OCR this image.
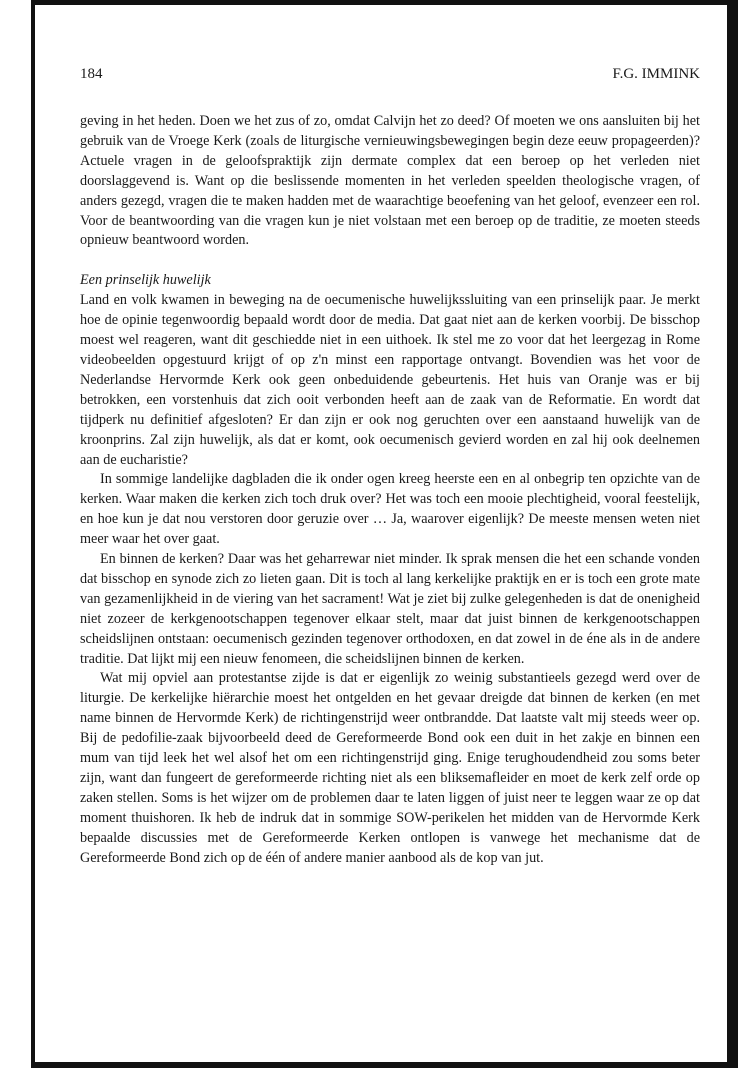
184	F.G. IMMINK

geving in het heden. Doen we het zus of zo, omdat Calvijn het zo deed? Of moeten we ons aansluiten bij het gebruik van de Vroege Kerk (zoals de liturgische vernieuwingsbewegingen begin deze eeuw propageerden)? Actuele vragen in de geloofspraktijk zijn dermate complex dat een beroep op het verleden niet doorslaggevend is. Want op die beslissende momenten in het verleden speelden theologische vragen, of anders gezegd, vragen die te maken hadden met de waarachtige beoefening van het geloof, evenzeer een rol. Voor de beantwoording van die vragen kun je niet volstaan met een beroep op de traditie, ze moeten steeds opnieuw beantwoord worden.

Een prinselijk huwelijk

Land en volk kwamen in beweging na de oecumenische huwelijkssluiting van een prinselijk paar. Je merkt hoe de opinie tegenwoordig bepaald wordt door de media. Dat gaat niet aan de kerken voorbij. De bisschop moest wel reageren, want dit geschiedde niet in een uithoek. Ik stel me zo voor dat het leergezag in Rome videobeelden opgestuurd krijgt of op z'n minst een rapportage ontvangt. Bovendien was het voor de Nederlandse Hervormde Kerk ook geen onbeduidende gebeurtenis. Het huis van Oranje was er bij betrokken, een vorstenhuis dat zich ooit verbonden heeft aan de zaak van de Reformatie. En wordt dat tijdperk nu definitief afgesloten? Er dan zijn er ook nog geruchten over een aanstaand huwelijk van de kroonprins. Zal zijn huwelijk, als dat er komt, ook oecumenisch gevierd worden en zal hij ook deelnemen aan de eucharistie?

In sommige landelijke dagbladen die ik onder ogen kreeg heerste een en al onbegrip ten opzichte van de kerken. Waar maken die kerken zich toch druk over? Het was toch een mooie plechtigheid, vooral feestelijk, en hoe kun je dat nou verstoren door geruzie over … Ja, waarover eigenlijk? De meeste mensen weten niet meer waar het over gaat.

En binnen de kerken? Daar was het geharrewar niet minder. Ik sprak mensen die het een schande vonden dat bisschop en synode zich zo lieten gaan. Dit is toch al lang kerkelijke praktijk en er is toch een grote mate van gezamenlijkheid in de viering van het sacrament! Wat je ziet bij zulke gelegenheden is dat de onenigheid niet zozeer de kerkgenootschappen tegenover elkaar stelt, maar dat juist binnen de kerkgenootschappen scheidslijnen ontstaan: oecumenisch gezinden tegenover orthodoxen, en dat zowel in de éne als in de andere traditie. Dat lijkt mij een nieuw fenomeen, die scheidslijnen binnen de kerken.

Wat mij opviel aan protestantse zijde is dat er eigenlijk zo weinig substantieels gezegd werd over de liturgie. De kerkelijke hiërarchie moest het ontgelden en het gevaar dreigde dat binnen de kerken (en met name binnen de Hervormde Kerk) de richtingenstrijd weer ontbrandde. Dat laatste valt mij steeds weer op. Bij de pedofilie-zaak bijvoorbeeld deed de Gereformeerde Bond ook een duit in het zakje en binnen een mum van tijd leek het wel alsof het om een richtingenstrijd ging. Enige terughoudendheid zou soms beter zijn, want dan fungeert de gereformeerde richting niet als een bliksemafleider en moet de kerk zelf orde op zaken stellen. Soms is het wijzer om de problemen daar te laten liggen of juist neer te leggen waar ze op dat moment thuishoren. Ik heb de indruk dat in sommige SOW-perikelen het midden van de Hervormde Kerk bepaalde discussies met de Gereformeerde Kerken ontlopen is vanwege het mechanisme dat de Gereformeerde Bond zich op de één of andere manier aanbood als de kop van jut.
